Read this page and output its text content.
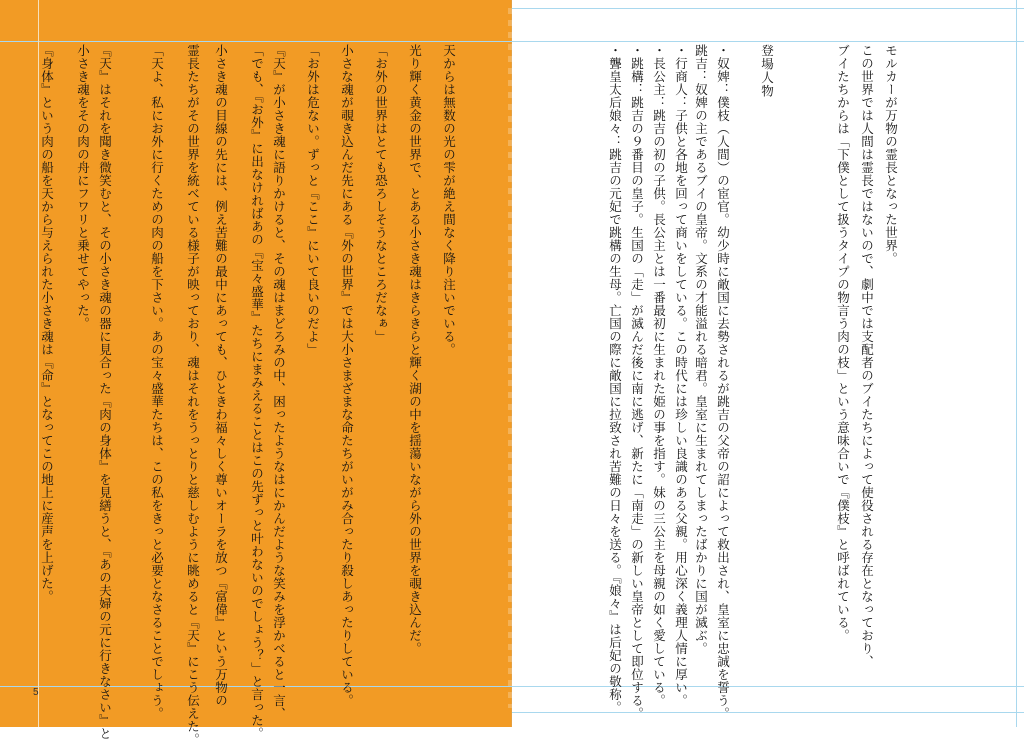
天からは無数の光の雫が絶え間なく降り注いでいる。
光り輝く黄金の世界で、とある小さき魂はきらきらと輝く湖の中を揺蕩いながら外の世界を覗き込んだ。
「お外の世界はとても恐ろしそうなところだなぁ」
小さな魂が覗き込んだ先にある『外の世界』では大小さまざまな命たちがいがみ合ったり殺しあったりしている。
「お外は危ない。ずっと『ここ』にいて良いのだよ」
『天』が小さき魂に語りかけると、その魂はまどろみの中、困ったようなはにかんだような笑みを浮かべると一言、
「でも、『お外』に出なければあの『宝々盛華』たちにまみえることはこの先ずっと叶わないのでしょう？」と言った。
小さき魂の目線の先には、例え苦難の最中にあっても、ひときわ福々しく尊いオーラを放つ『富偉』という万物の
霊長たちがその世界を統べている様子が映っており、魂はそれをうっとりと慈しむように眺めると『天』にこう伝えた。
「天よ、私にお外に行くための肉の船を下さい。あの宝々盛華たちは、この私をきっと必要となさることでしょう。
『天』はそれを聞き微笑むと、その小さき魂の器に見合った『肉の身体』を見繕うと、『あの夫婦の元に行きなさい』と
小さき魂をその肉の舟にフワリと乗せてやった。
『身体』という肉の船を天から与えられた小さき魂は『命』となってこの地上に産声を上げた。
5
モルカーが万物の霊長となった世界。
この世界では人間は霊長ではないので、劇中では支配者のブイたちによって使役される存在となっており、
ブイたちからは「下僕として扱うタイプの物言う肉の枝」という意味合いで『僕枝』と呼ばれている。
登場人物
・奴婢：僕枝（人間）の宦官。幼少時に敵国に去勢されるが跳吉の父帝の詔によって救出され、皇室に忠誠を誓う。
跳吉：奴婢の主であるブイの皇帝。文系の才能溢れる暗君。皇室に生まれてしまったばかりに国が滅ぶ。
・行商人：子供と各地を回って商いをしている。この時代には珍しい良識のある父親。用心深く義理人情に厚い。
・長公主：跳吉の初の子供。長公主とは一番最初に生まれた姫の事を指す。妹の三公主を母親の如く愛している。
・跳構：跳吉の９番目の皇子。生国の「走」が滅んだ後に南に逃げ、新たに「南走」の新しい皇帝として即位する。
・聾皇太后娘々：跳吉の元妃で跳構の生母。亡国の際に敵国に拉致され苦難の日々を送る。『娘々』は后妃の敬称。
